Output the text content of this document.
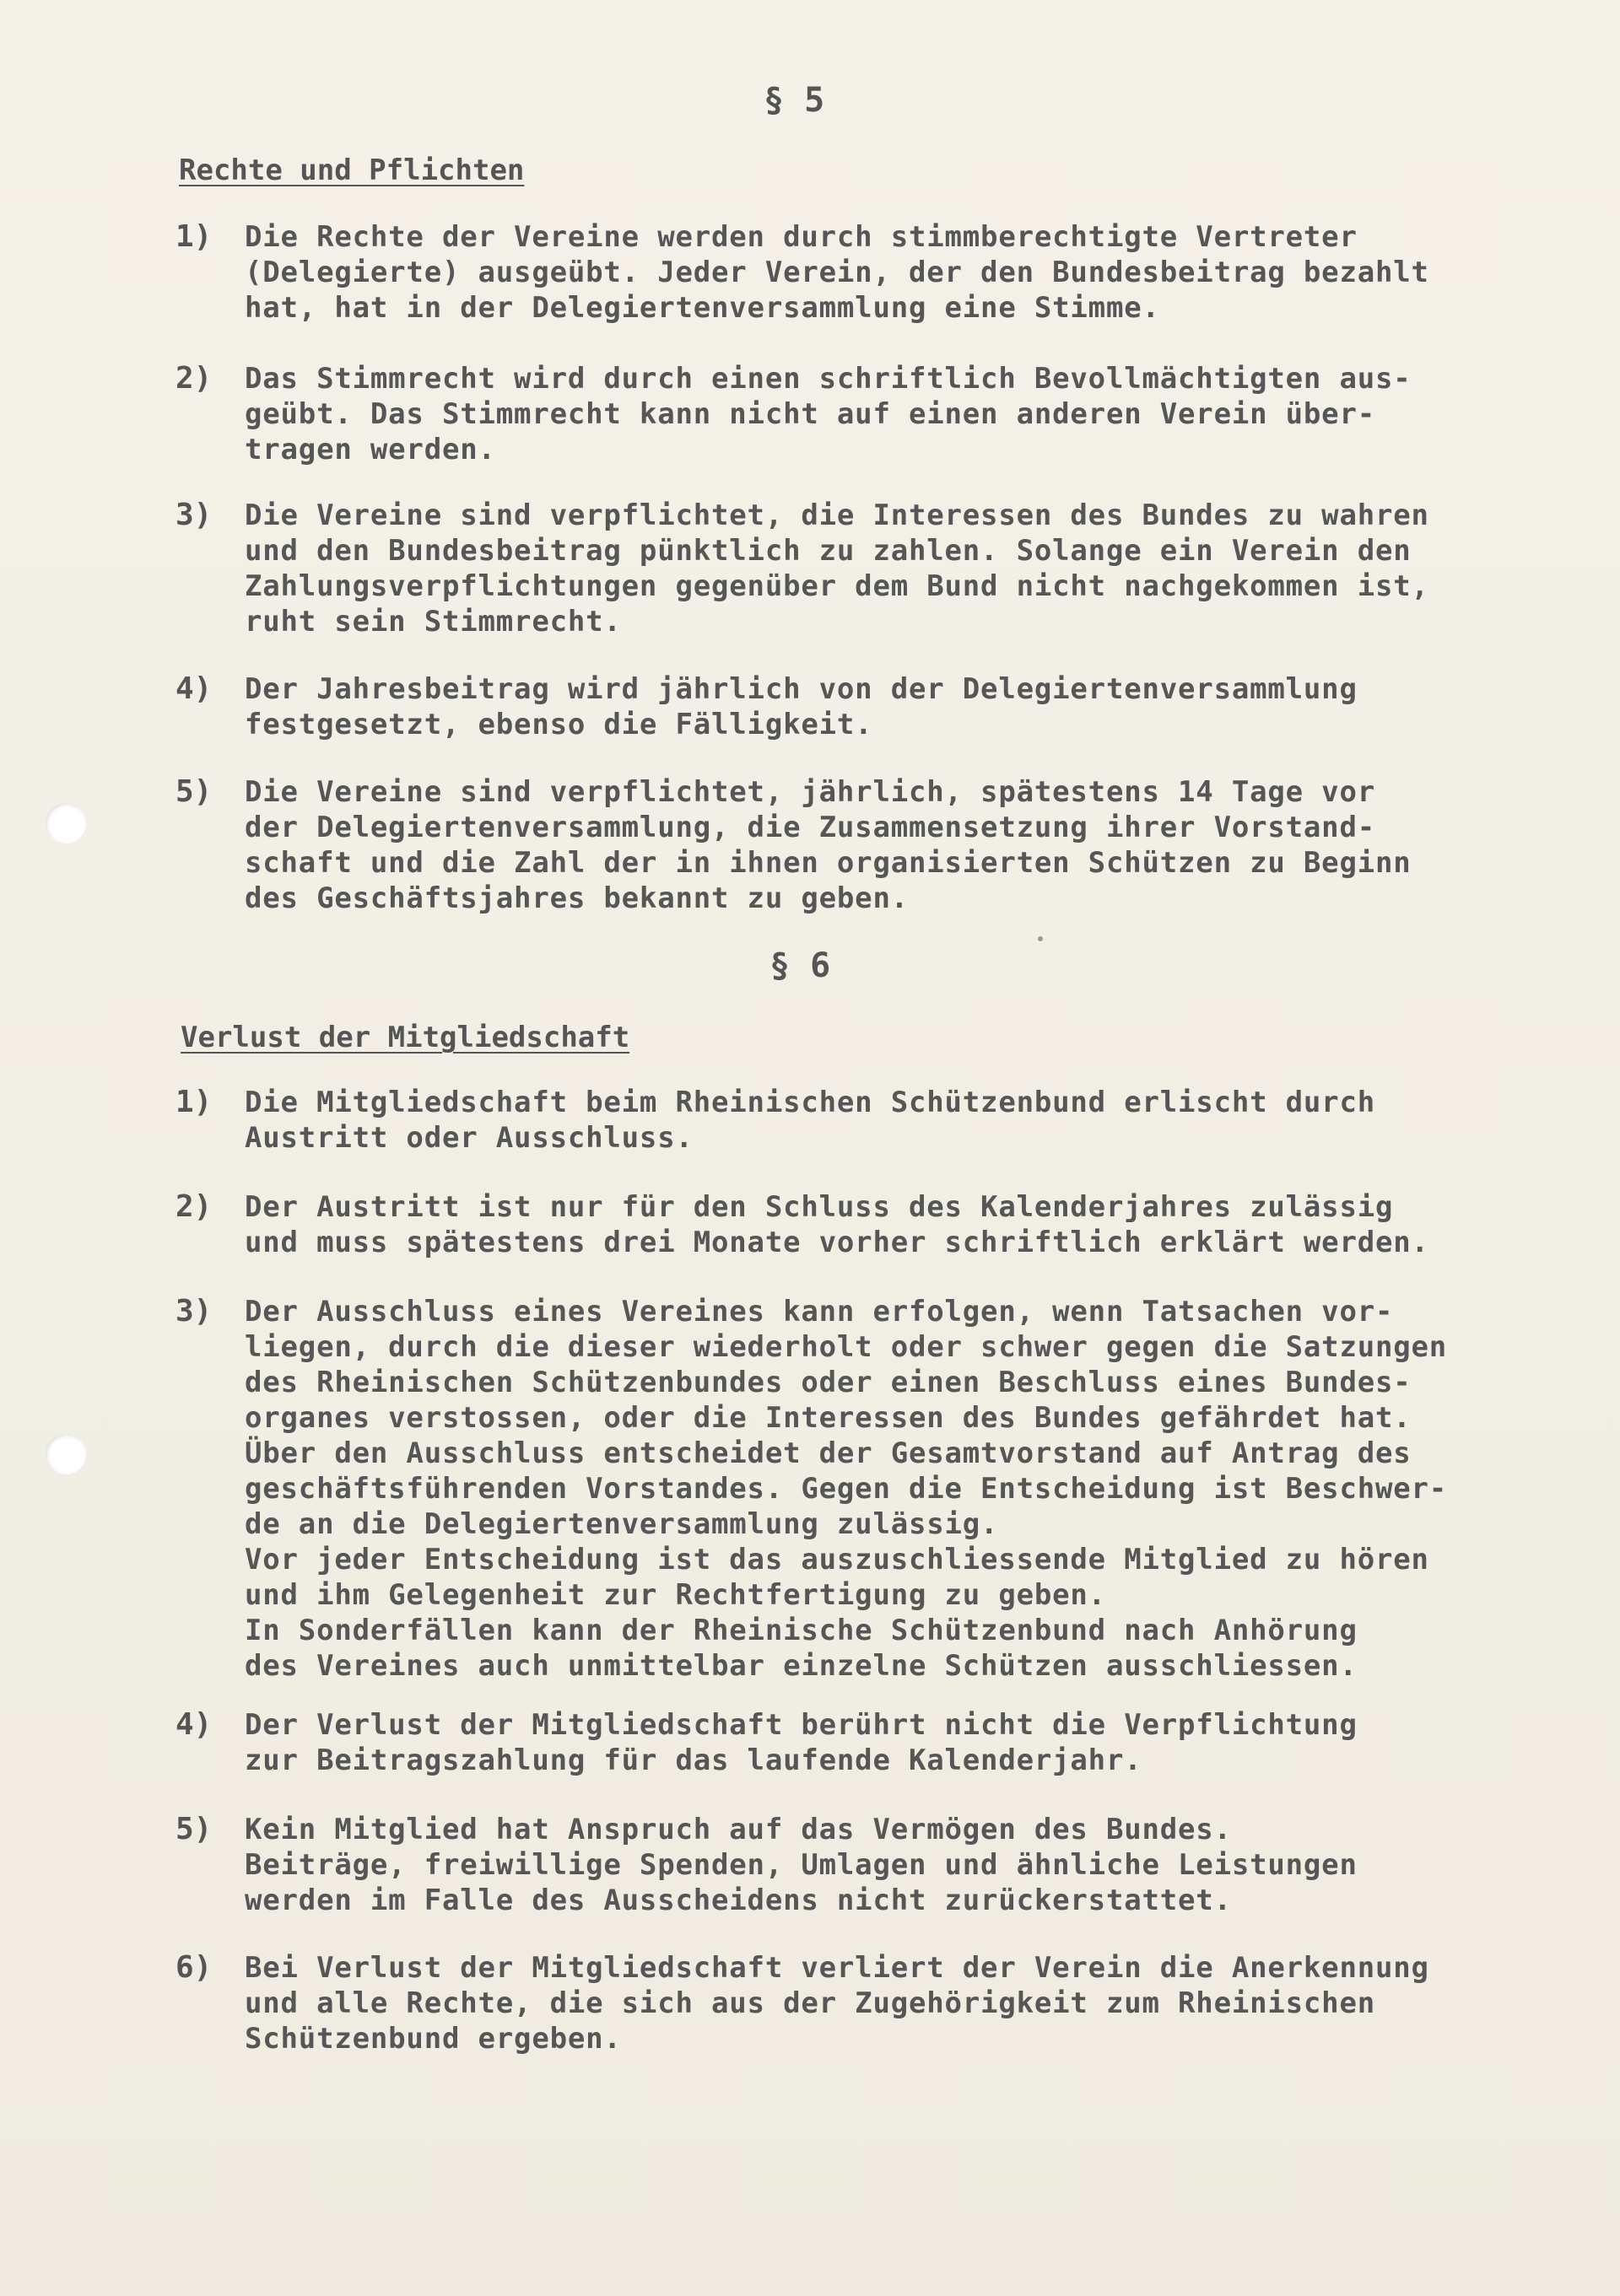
§ 5
Rechte und Pflichten
1) Die Rechte der Vereine werden durch stimmberechtigte Vertreter
(Delegierte) ausgeübt. Jeder Verein, der den Bundesbeitrag bezahlt
hat, hat in der Delegiertenversammlung eine Stimme.
2) Das Stimmrecht wird durch einen schriftlich Bevollmächtigten aus-
geübt. Das Stimmrecht kann nicht auf einen anderen Verein über-
tragen werden.
3) Die Vereine sind verpflichtet, die Interessen des Bundes zu wahren
und den Bundesbeitrag pünktlich zu zahlen. Solange ein Verein den
Zahlungsverpflichtungen gegenüber dem Bund nicht nachgekommen ist,
ruht sein Stimmrecht.
4) Der Jahresbeitrag wird jährlich von der Delegiertenversammlung
festgesetzt, ebenso die Fälligkeit.
5) Die Vereine sind verpflichtet, jährlich, spätestens 14 Tage vor
der Delegiertenversammlung, die Zusammensetzung ihrer Vorstand-
schaft und die Zahl der in ihnen organisierten Schützen zu Beginn
des Geschäftsjahres bekannt zu geben.
§ 6
Verlust der Mitgliedschaft
1) Die Mitgliedschaft beim Rheinischen Schützenbund erlischt durch
Austritt oder Ausschluss.
2) Der Austritt ist nur für den Schluss des Kalenderjahres zulässig
und muss spätestens drei Monate vorher schriftlich erklärt werden.
3) Der Ausschluss eines Vereines kann erfolgen, wenn Tatsachen vor-
liegen, durch die dieser wiederholt oder schwer gegen die Satzungen
des Rheinischen Schützenbundes oder einen Beschluss eines Bundes-
organes verstossen, oder die Interessen des Bundes gefährdet hat.
Über den Ausschluss entscheidet der Gesamtvorstand auf Antrag des
geschäftsführenden Vorstandes. Gegen die Entscheidung ist Beschwer-
de an die Delegiertenversammlung zulässig.
Vor jeder Entscheidung ist das auszuschliessende Mitglied zu hören
und ihm Gelegenheit zur Rechtfertigung zu geben.
In Sonderfällen kann der Rheinische Schützenbund nach Anhörung
des Vereines auch unmittelbar einzelne Schützen ausschliessen.
4) Der Verlust der Mitgliedschaft berührt nicht die Verpflichtung
zur Beitragszahlung für das laufende Kalenderjahr.
5) Kein Mitglied hat Anspruch auf das Vermögen des Bundes.
Beiträge, freiwillige Spenden, Umlagen und ähnliche Leistungen
werden im Falle des Ausscheidens nicht zurückerstattet.
6) Bei Verlust der Mitgliedschaft verliert der Verein die Anerkennung
und alle Rechte, die sich aus der Zugehörigkeit zum Rheinischen
Schützenbund ergeben.
